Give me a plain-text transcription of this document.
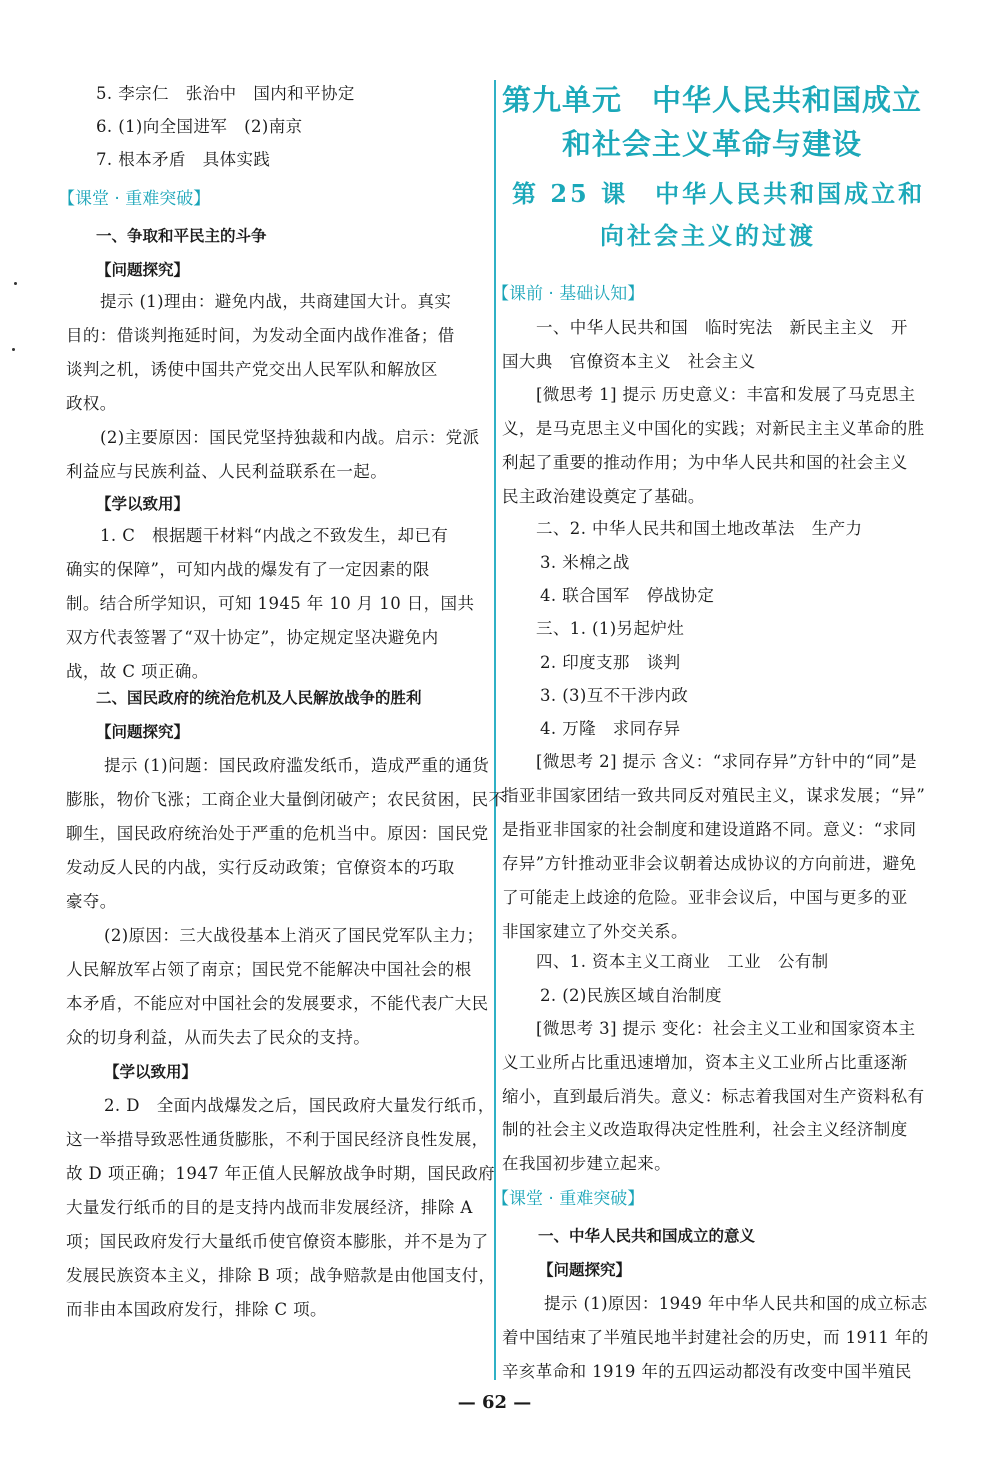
5. 李宗仁　张治中　国内和平协定
6. (1)向全国进军　(2)南京
7. 根本矛盾　具体实践
【课堂 · 重难突破】
一、争取和平民主的斗争
【问题探究】
提示 (1)理由：避免内战，共商建国大计。真实
目的：借谈判拖延时间，为发动全面内战作准备；借
谈判之机，诱使中国共产党交出人民军队和解放区
政权。
(2)主要原因：国民党坚持独裁和内战。启示：党派
利益应与民族利益、人民利益联系在一起。
【学以致用】
1. C　根据题干材料“内战之不致发生，却已有
确实的保障”，可知内战的爆发有了一定因素的限
制。结合所学知识，可知 1945 年 10 月 10 日，国共
双方代表签署了“双十协定”，协定规定坚决避免内
战，故 C 项正确。
二、国民政府的统治危机及人民解放战争的胜利
【问题探究】
提示 (1)问题：国民政府滥发纸币，造成严重的通货
膨胀，物价飞涨；工商企业大量倒闭破产；农民贫困，民不
聊生，国民政府统治处于严重的危机当中。原因：国民党
发动反人民的内战，实行反动政策；官僚资本的巧取
豪夺。
(2)原因：三大战役基本上消灭了国民党军队主力；
人民解放军占领了南京；国民党不能解决中国社会的根
本矛盾，不能应对中国社会的发展要求，不能代表广大民
众的切身利益，从而失去了民众的支持。
【学以致用】
2. D　全面内战爆发之后，国民政府大量发行纸币，
这一举措导致恶性通货膨胀，不利于国民经济良性发展，
故 D 项正确；1947 年正值人民解放战争时期，国民政府
大量发行纸币的目的是支持内战而非发展经济，排除 A
项；国民政府发行大量纸币使官僚资本膨胀，并不是为了
发展民族资本主义，排除 B 项；战争赔款是由他国支付，
而非由本国政府发行，排除 C 项。
第九单元　中华人民共和国成立
和社会主义革命与建设
第 25 课　中华人民共和国成立和
向社会主义的过渡
【课前 · 基础认知】
一、中华人民共和国　临时宪法　新民主主义　开
国大典　官僚资本主义　社会主义
[微思考 1] 提示 历史意义：丰富和发展了马克思主
义，是马克思主义中国化的实践；对新民主主义革命的胜
利起了重要的推动作用；为中华人民共和国的社会主义
民主政治建设奠定了基础。
二、2. 中华人民共和国土地改革法　生产力
3. 米棉之战
4. 联合国军　停战协定
三、1. (1)另起炉灶
2. 印度支那　谈判
3. (3)互不干涉内政
4. 万隆　求同存异
[微思考 2] 提示 含义：“求同存异”方针中的“同”是
指亚非国家团结一致共同反对殖民主义，谋求发展；“异”
是指亚非国家的社会制度和建设道路不同。意义：“求同
存异”方针推动亚非会议朝着达成协议的方向前进，避免
了可能走上歧途的危险。亚非会议后，中国与更多的亚
非国家建立了外交关系。
四、1. 资本主义工商业　工业　公有制
2. (2)民族区域自治制度
[微思考 3] 提示 变化：社会主义工业和国家资本主
义工业所占比重迅速增加，资本主义工业所占比重逐渐
缩小，直到最后消失。意义：标志着我国对生产资料私有
制的社会主义改造取得决定性胜利，社会主义经济制度
在我国初步建立起来。
【课堂 · 重难突破】
一、中华人民共和国成立的意义
【问题探究】
提示 (1)原因：1949 年中华人民共和国的成立标志
着中国结束了半殖民地半封建社会的历史，而 1911 年的
辛亥革命和 1919 年的五四运动都没有改变中国半殖民
— 62 —
